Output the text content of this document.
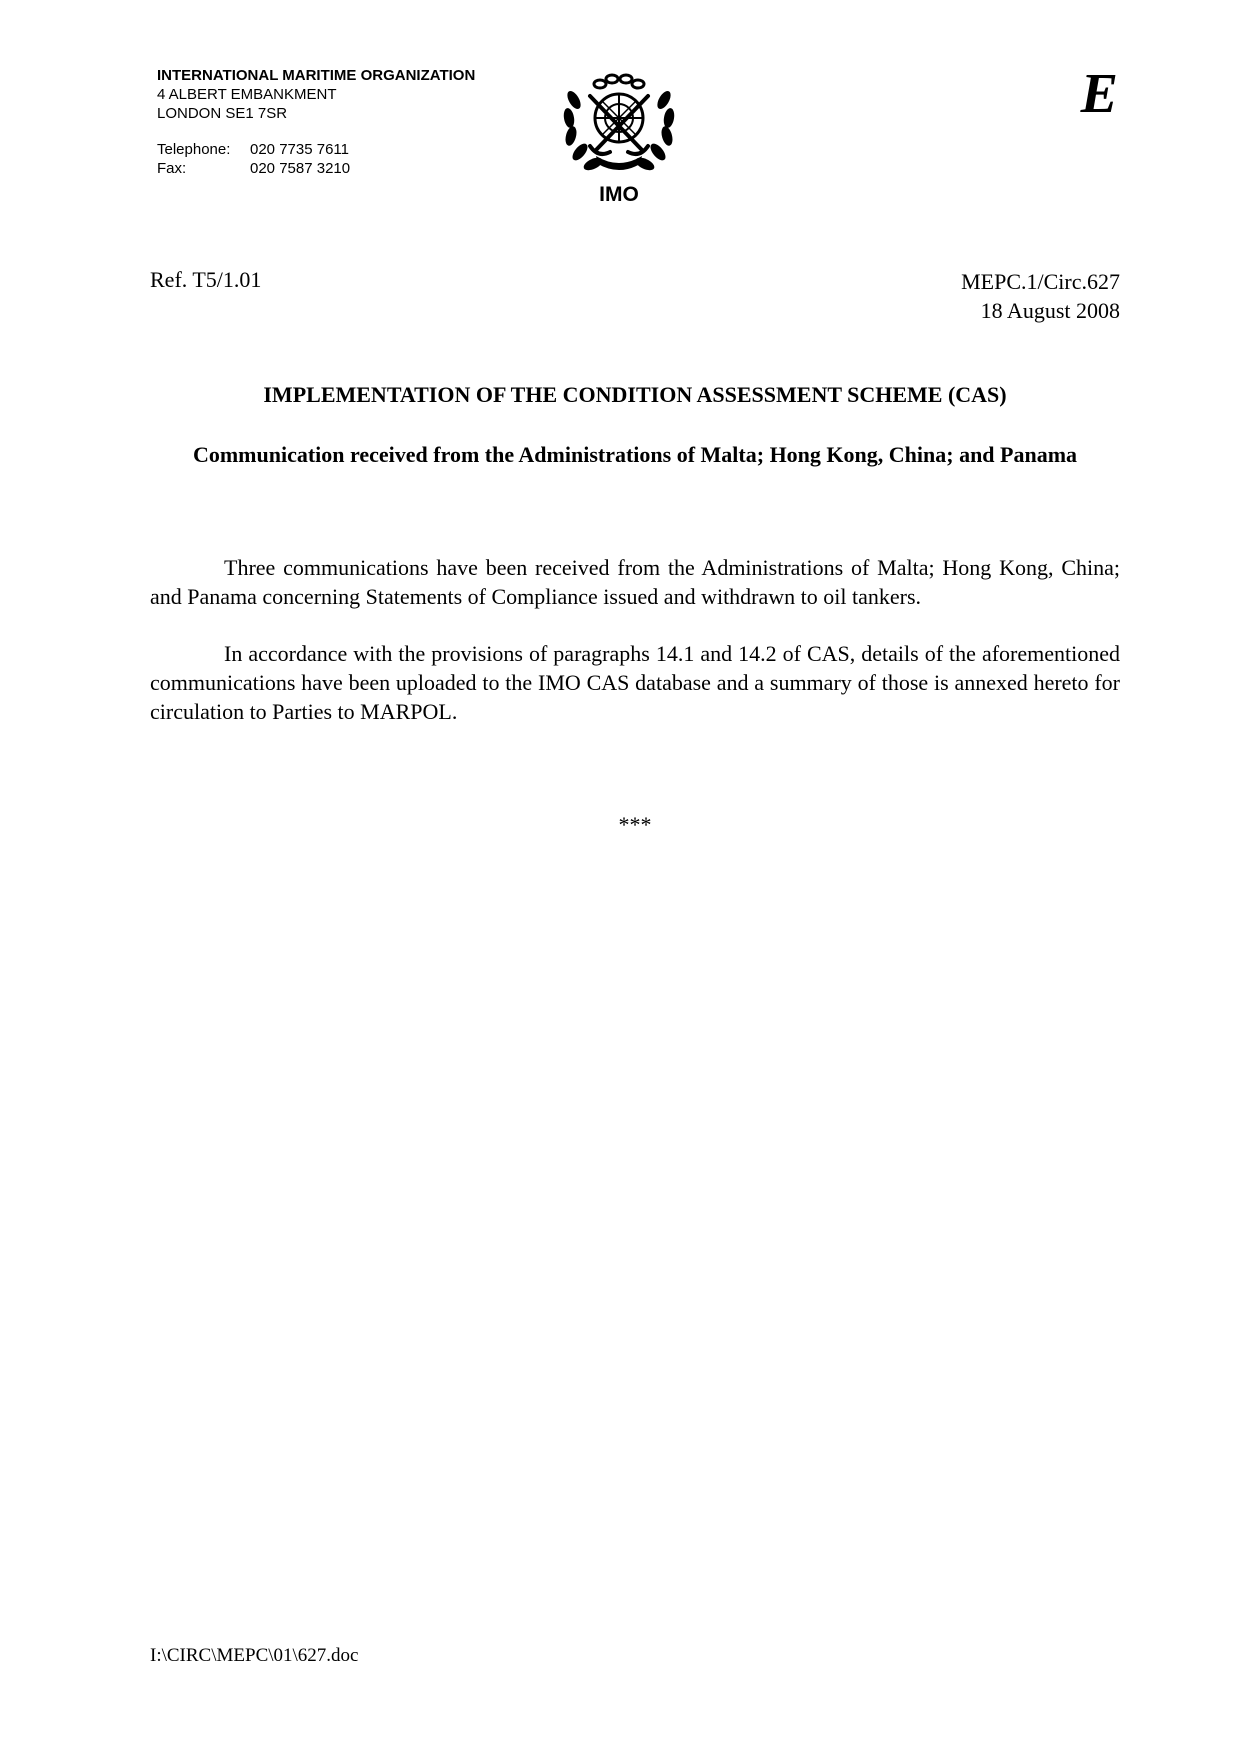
INTERNATIONAL MARITIME ORGANIZATION
4 ALBERT EMBANKMENT
LONDON SE1 7SR
Telephone:	020 7735 7611
Fax:	020 7587 3210
IMO
E
Ref. T5/1.01	MEPC.1/Circ.627
18 August 2008
IMPLEMENTATION OF THE CONDITION ASSESSMENT SCHEME (CAS)
Communication received from the Administrations of Malta; Hong Kong, China; and Panama

Three communications have been received from the Administrations of Malta; Hong Kong, China; and Panama concerning Statements of Compliance issued and withdrawn to oil tankers.

In accordance with the provisions of paragraphs 14.1 and 14.2 of CAS, details of the aforementioned communications have been uploaded to the IMO CAS database and a summary of those is annexed hereto for circulation to Parties to MARPOL.

***
I:\CIRC\MEPC\01\627.doc
